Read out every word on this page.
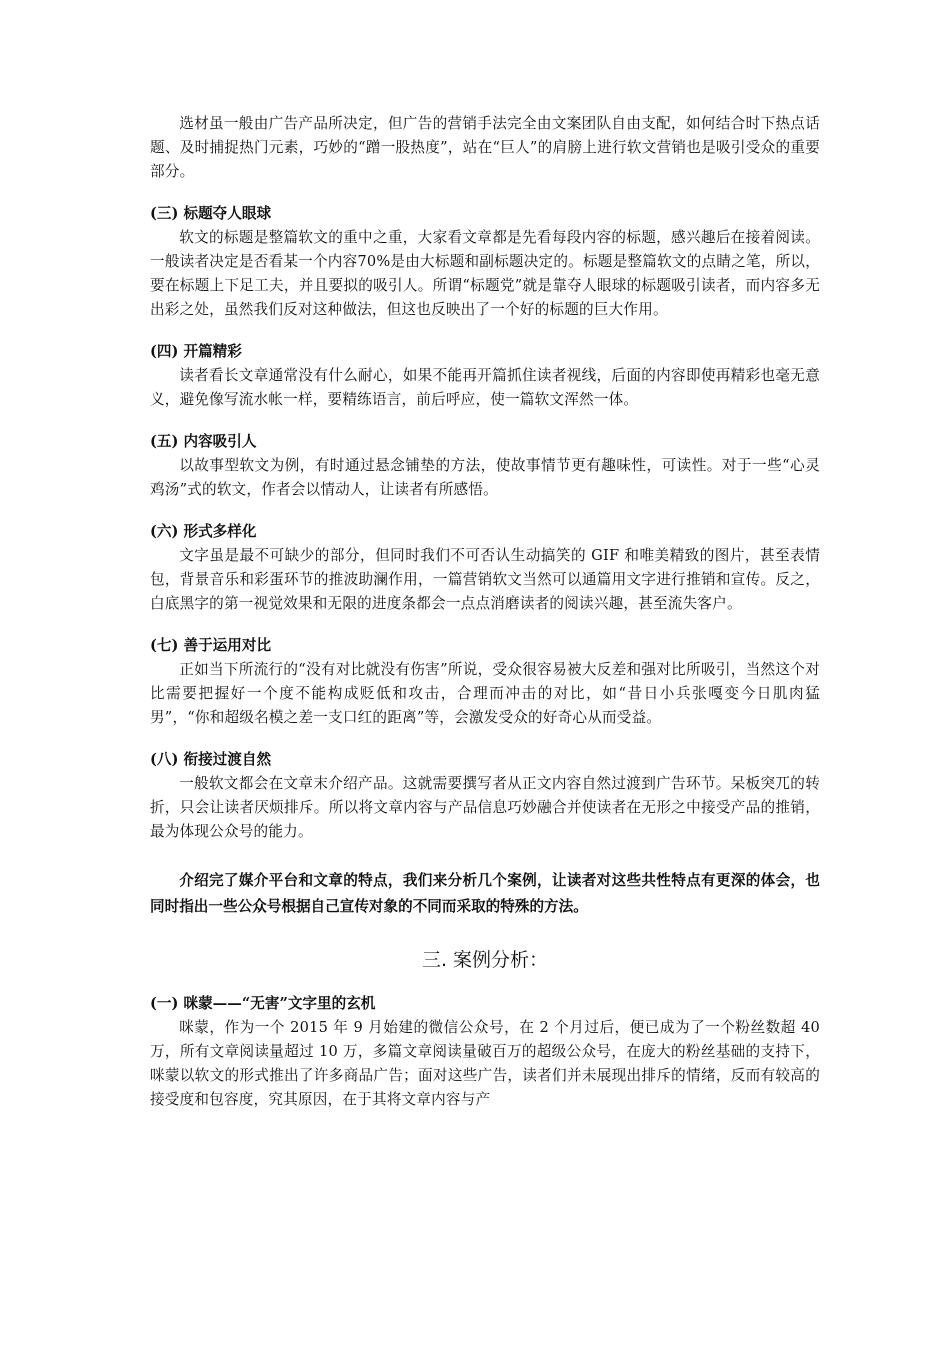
选材虽一般由广告产品所决定，但广告的营销手法完全由文案团队自由支配，如何结合时下热点话题、及时捕捉热门元素，巧妙的“蹭一股热度”，站在“巨人”的肩膀上进行软文营销也是吸引受众的重要部分。

(三) 标题夺人眼球

软文的标题是整篇软文的重中之重，大家看文章都是先看每段内容的标题，感兴趣后在接着阅读。一般读者决定是否看某一个内容70%是由大标题和副标题决定的。标题是整篇软文的点睛之笔，所以，要在标题上下足工夫，并且要拟的吸引人。所谓“标题党”就是靠夺人眼球的标题吸引读者，而内容多无出彩之处，虽然我们反对这种做法，但这也反映出了一个好的标题的巨大作用。

(四) 开篇精彩

读者看长文章通常没有什么耐心，如果不能再开篇抓住读者视线，后面的内容即使再精彩也毫无意义，避免像写流水帐一样，要精练语言，前后呼应，使一篇软文浑然一体。

(五) 内容吸引人

以故事型软文为例，有时通过悬念铺垫的方法，使故事情节更有趣味性，可读性。对于一些“心灵鸡汤”式的软文，作者会以情动人，让读者有所感悟。

(六) 形式多样化

文字虽是最不可缺少的部分，但同时我们不可否认生动搞笑的 GIF 和唯美精致的图片，甚至表情包，背景音乐和彩蛋环节的推波助澜作用，一篇营销软文当然可以通篇用文字进行推销和宣传。反之，白底黑字的第一视觉效果和无限的进度条都会一点点消磨读者的阅读兴趣，甚至流失客户。

(七) 善于运用对比

正如当下所流行的“没有对比就没有伤害”所说，受众很容易被大反差和强对比所吸引，当然这个对比需要把握好一个度不能构成贬低和攻击，合理而冲击的对比，如“昔日小兵张嘎变今日肌肉猛男”，“你和超级名模之差一支口红的距离”等，会激发受众的好奇心从而受益。

(八) 衔接过渡自然

一般软文都会在文章末介绍产品。这就需要撰写者从正文内容自然过渡到广告环节。呆板突兀的转折，只会让读者厌烦排斥。所以将文章内容与产品信息巧妙融合并使读者在无形之中接受产品的推销，最为体现公众号的能力。

介绍完了媒介平台和文章的特点，我们来分析几个案例，让读者对这些共性特点有更深的体会，也同时指出一些公众号根据自己宣传对象的不同而采取的特殊的方法。

三. 案例分析：

(一) 咪蒙——“无害”文字里的玄机

咪蒙，作为一个 2015 年 9 月始建的微信公众号，在 2 个月过后，便已成为了一个粉丝数超 40 万，所有文章阅读量超过 10 万，多篇文章阅读量破百万的超级公众号，在庞大的粉丝基础的支持下，咪蒙以软文的形式推出了许多商品广告；面对这些广告，读者们并未展现出排斥的情绪，反而有较高的接受度和包容度，究其原因，在于其将文章内容与产
